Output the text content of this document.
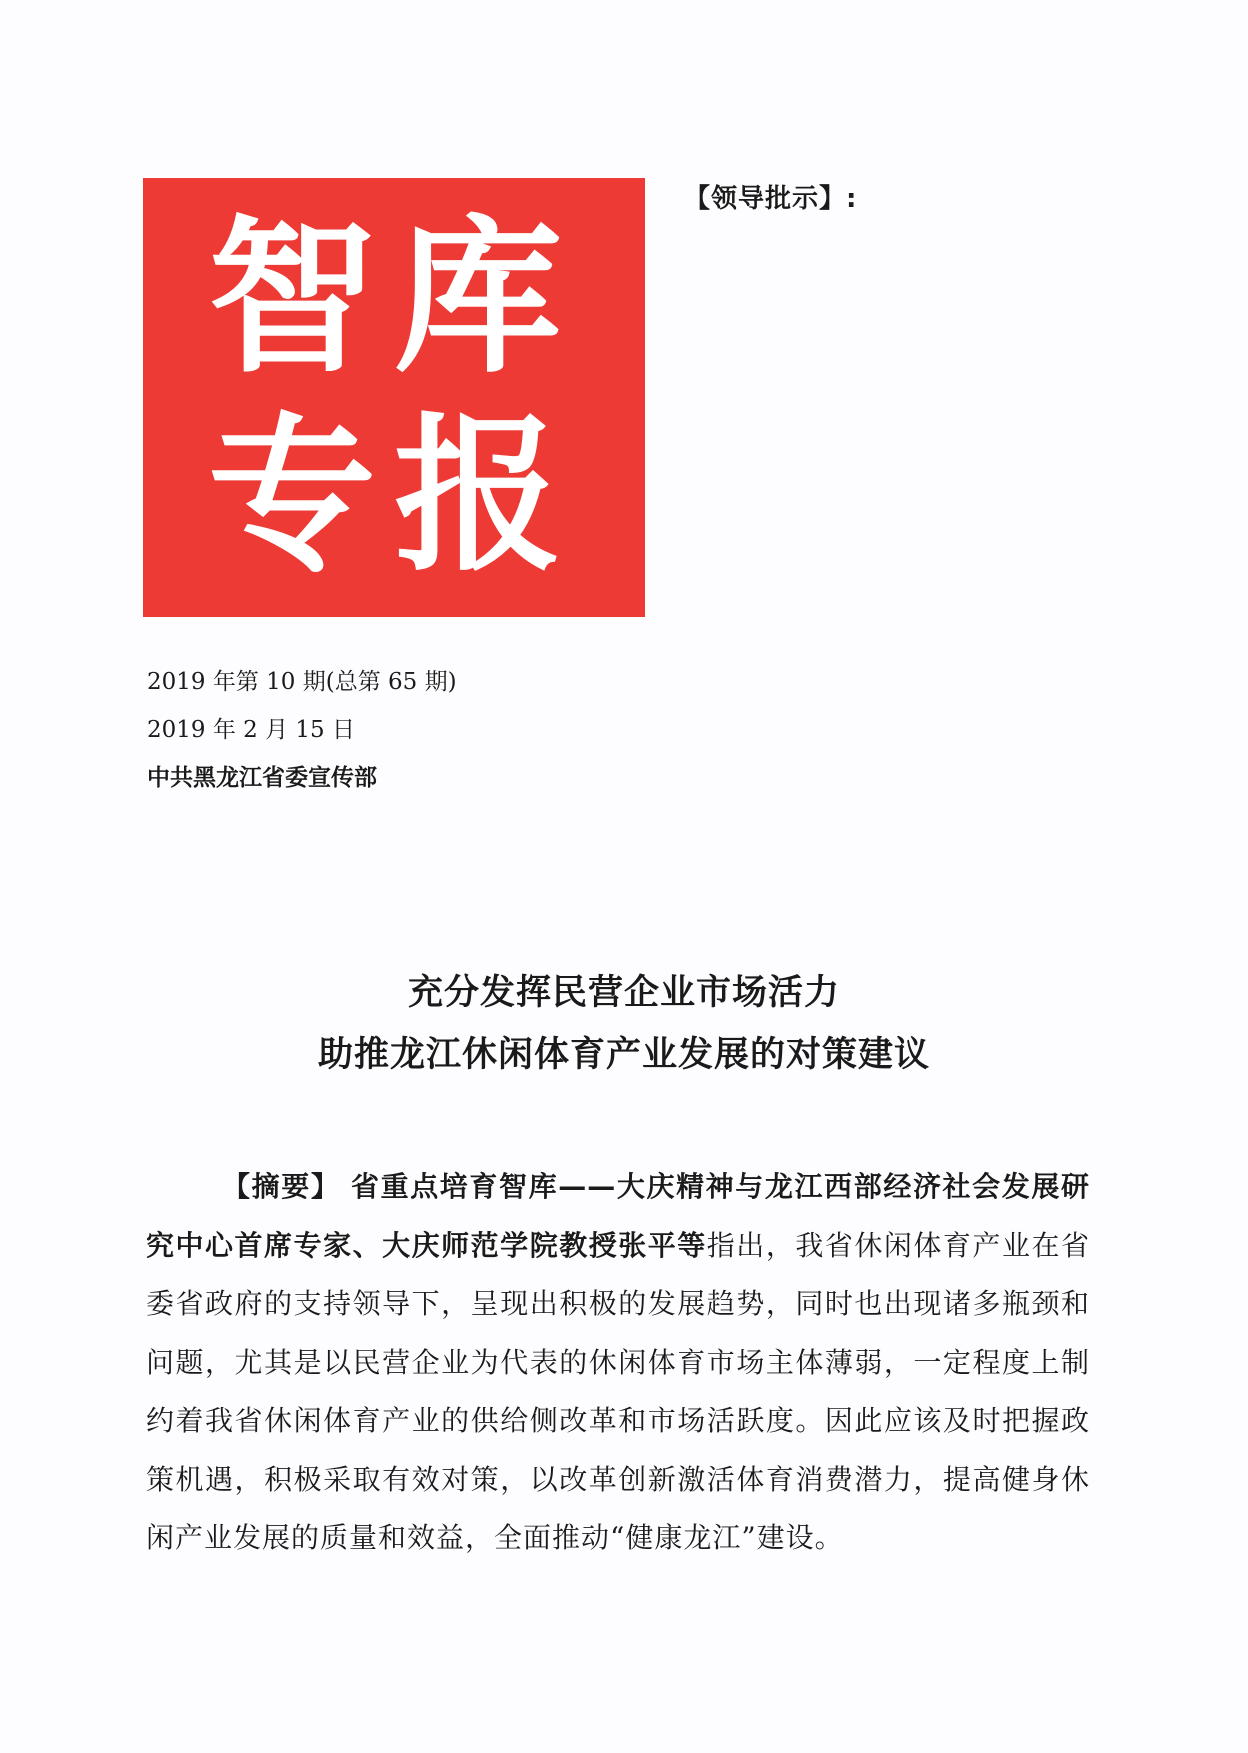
智库
专报
【领导批示】:
2019 年第 10 期(总第 65 期)
2019 年 2 月 15 日
中共黑龙江省委宣传部
充分发挥民营企业市场活力
助推龙江休闲体育产业发展的对策建议
【摘要】 省重点培育智库——大庆精神与龙江西部经济社会发展研究中心首席专家、大庆师范学院教授张平等指出，我省休闲体育产业在省委省政府的支持领导下，呈现出积极的发展趋势，同时也出现诸多瓶颈和问题，尤其是以民营企业为代表的休闲体育市场主体薄弱，一定程度上制约着我省休闲体育产业的供给侧改革和市场活跃度。因此应该及时把握政策机遇，积极采取有效对策，以改革创新激活体育消费潜力，提高健身休闲产业发展的质量和效益，全面推动“健康龙江”建设。
